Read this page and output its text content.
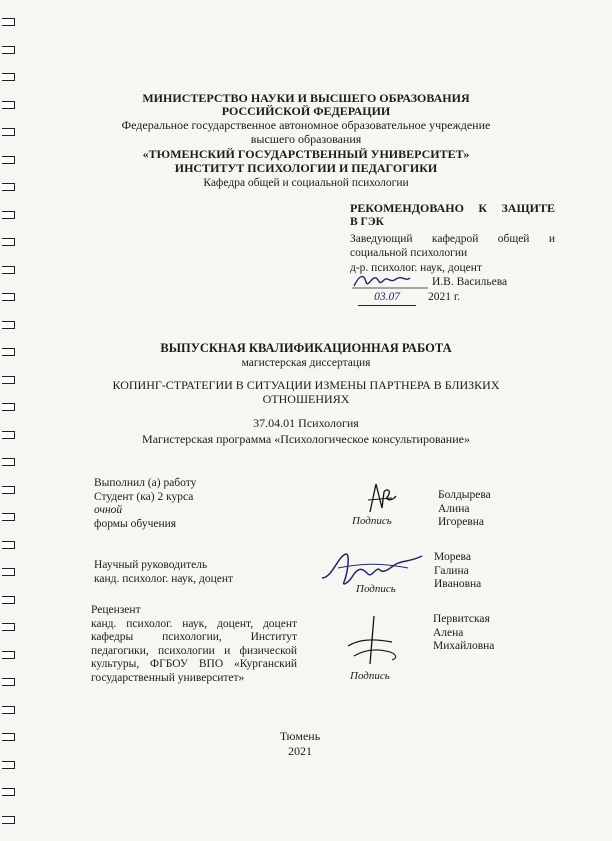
МИНИСТЕРСТВО НАУКИ И ВЫСШЕГО ОБРАЗОВАНИЯ
РОССИЙСКОЙ ФЕДЕРАЦИИ
Федеральное государственное автономное образовательное учреждение
высшего образования
«ТЮМЕНСКИЙ ГОСУДАРСТВЕННЫЙ УНИВЕРСИТЕТ»
ИНСТИТУТ ПСИХОЛОГИИ И ПЕДАГОГИКИ
Кафедра общей и социальной психологии
РЕКОМЕНДОВАНО К ЗАЩИТЕ
В ГЭК
Заведующий кафедрой общей и
социальной психологии
д-р. психолог. наук, доцент
И.В. Васильева
03.07	2021 г.
ВЫПУСКНАЯ КВАЛИФИКАЦИОННАЯ РАБОТА
магистерская диссертация
КОПИНГ-СТРАТЕГИИ В СИТУАЦИИ ИЗМЕНЫ ПАРТНЕРА В БЛИЗКИХ
ОТНОШЕНИЯХ
37.04.01 Психология
Магистерская программа «Психологическое консультирование»
Выполнил (а) работу
Студент (ка) 2 курса
очной
формы обучения	Подпись
Болдырева
Алина
Игоревна
Научный руководитель
канд. психолог. наук, доцент
Подпись
Морева
Галина
Ивановна
Рецензент
канд. психолог. наук, доцент, доцент
кафедры психологии, Институт
педагогики, психологии и физической
культуры, ФГБОУ ВПО «Курганский
государственный университет»	Подпись
Первитская
Алена
Михайловна
Тюмень
2021
